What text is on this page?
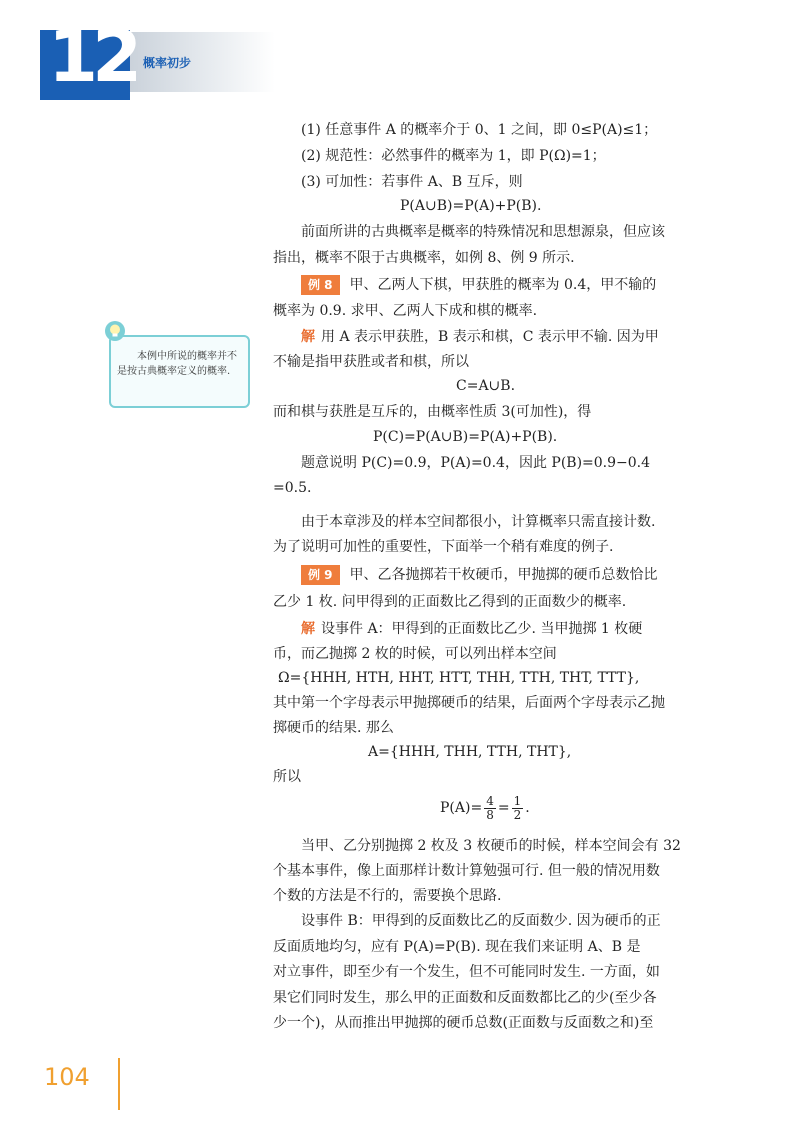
12 概率初步
本例中所说的概率并不是按古典概率定义的概率.
(1) 任意事件 A 的概率介于 0、1 之间，即 0≤P(A)≤1；
(2) 规范性：必然事件的概率为 1，即 P(Ω)=1；
(3) 可加性：若事件 A、B 互斥，则
P(A∪B)=P(A)+P(B).
前面所讲的古典概率是概率的特殊情况和思想源泉，但应该
指出，概率不限于古典概率，如例 8、例 9 所示.
例 8 甲、乙两人下棋，甲获胜的概率为 0.4，甲不输的
概率为 0.9. 求甲、乙两人下成和棋的概率.
解 用 A 表示甲获胜，B 表示和棋，C 表示甲不输. 因为甲
不输是指甲获胜或者和棋，所以
C=A∪B.
而和棋与获胜是互斥的，由概率性质 3(可加性)，得
P(C)=P(A∪B)=P(A)+P(B).
题意说明 P(C)=0.9，P(A)=0.4，因此 P(B)=0.9−0.4
=0.5.
由于本章涉及的样本空间都很小，计算概率只需直接计数.
为了说明可加性的重要性，下面举一个稍有难度的例子.
例 9 甲、乙各抛掷若干枚硬币，甲抛掷的硬币总数恰比
乙少 1 枚. 问甲得到的正面数比乙得到的正面数少的概率.
解 设事件 A：甲得到的正面数比乙少. 当甲抛掷 1 枚硬
币，而乙抛掷 2 枚的时候，可以列出样本空间
Ω={HHH, HTH, HHT, HTT, THH, TTH, THT, TTT},
其中第一个字母表示甲抛掷硬币的结果，后面两个字母表示乙抛
掷硬币的结果. 那么
A={HHH, THH, TTH, THT},
所以
$P(A)= \frac{4}{8} = \frac{1}{2}$ .
当甲、乙分别抛掷 2 枚及 3 枚硬币的时候，样本空间会有 32
个基本事件，像上面那样计数计算勉强可行. 但一般的情况用数
个数的方法是不行的，需要换个思路.
设事件 B：甲得到的反面数比乙的反面数少. 因为硬币的正
反面质地均匀，应有 P(A)=P(B). 现在我们来证明 A、B 是
对立事件，即至少有一个发生，但不可能同时发生. 一方面，如
果它们同时发生，那么甲的正面数和反面数都比乙的少(至少各
少一个)，从而推出甲抛掷的硬币总数(正面数与反面数之和)至
104
